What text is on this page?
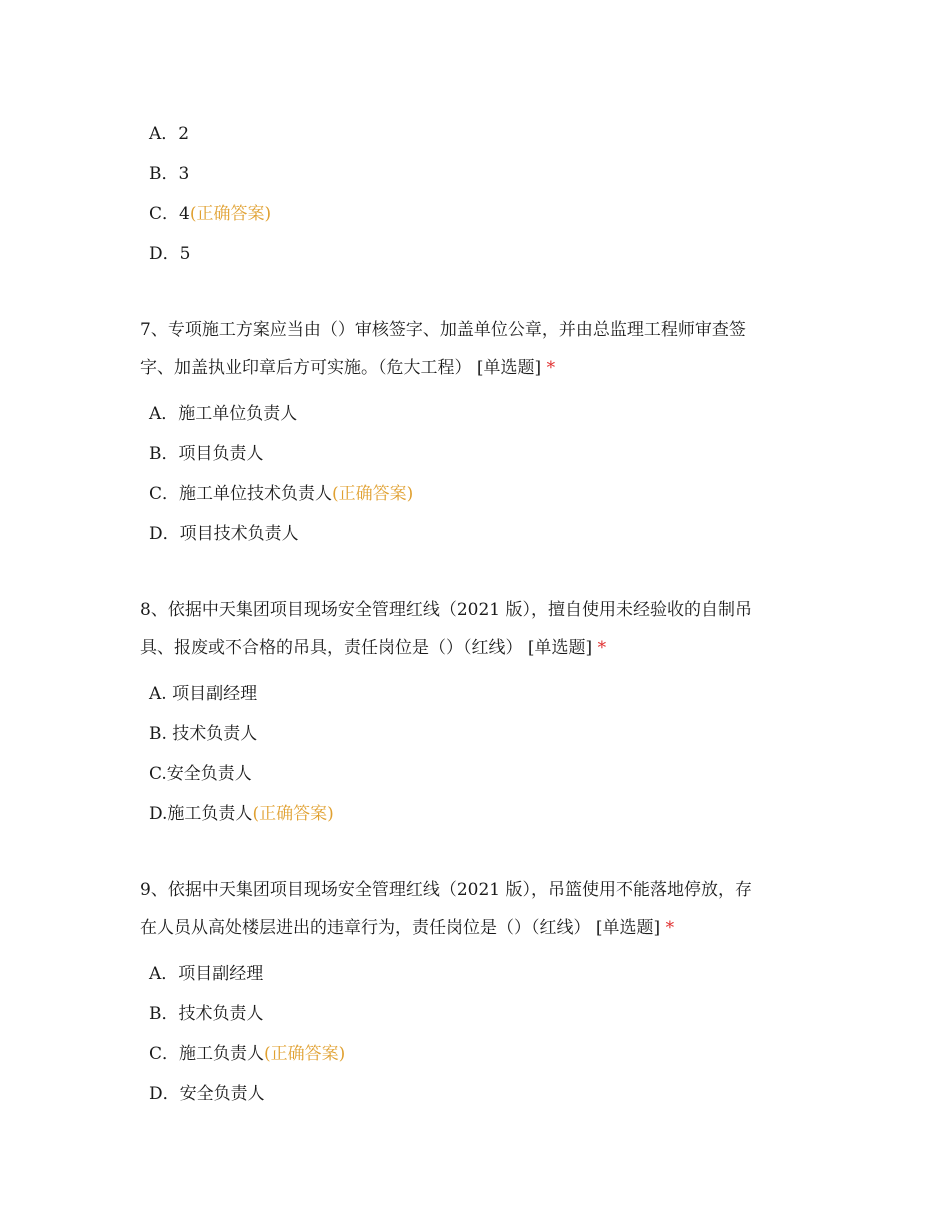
A．2
B．3
C．4(正确答案)
D．5
7、专项施工方案应当由（）审核签字、加盖单位公章，并由总监理工程师审查签
字、加盖执业印章后方可实施。（危大工程） [单选题] *
A．施工单位负责人
B．项目负责人
C．施工单位技术负责人(正确答案)
D．项目技术负责人
8、依据中天集团项目现场安全管理红线（2021 版），擅自使用未经验收的自制吊
具、报废或不合格的吊具，责任岗位是（）（红线） [单选题] *
A. 项目副经理
B. 技术负责人
C.安全负责人
D.施工负责人(正确答案)
9、依据中天集团项目现场安全管理红线（2021 版），吊篮使用不能落地停放，存
在人员从高处楼层进出的违章行为，责任岗位是（）（红线） [单选题] *
A．项目副经理
B．技术负责人
C．施工负责人(正确答案)
D．安全负责人
